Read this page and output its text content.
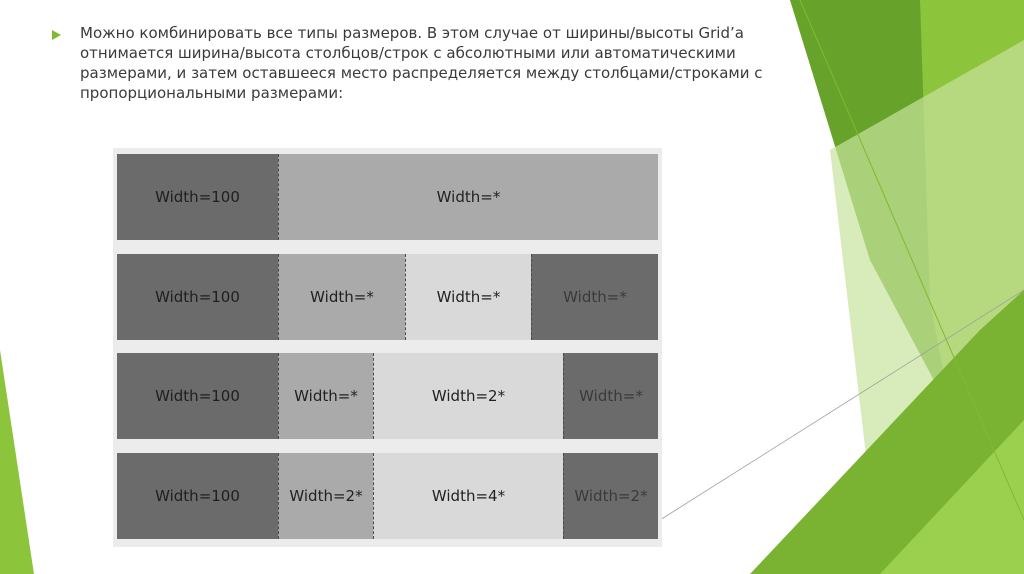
Можно комбинировать все типы размеров. В этом случае от ширины/высоты Grid’а отнимается ширина/высота столбцов/строк с абсолютными или автоматическими размерами, и затем оставшееся место распределяется между столбцами/строками с пропорциональными размерами:

Width=100	Width=*
Width=100	Width=*	Width=*	Width=*
Width=100	Width=*	Width=2*	Width=*
Width=100	Width=2*	Width=4*	Width=2*
